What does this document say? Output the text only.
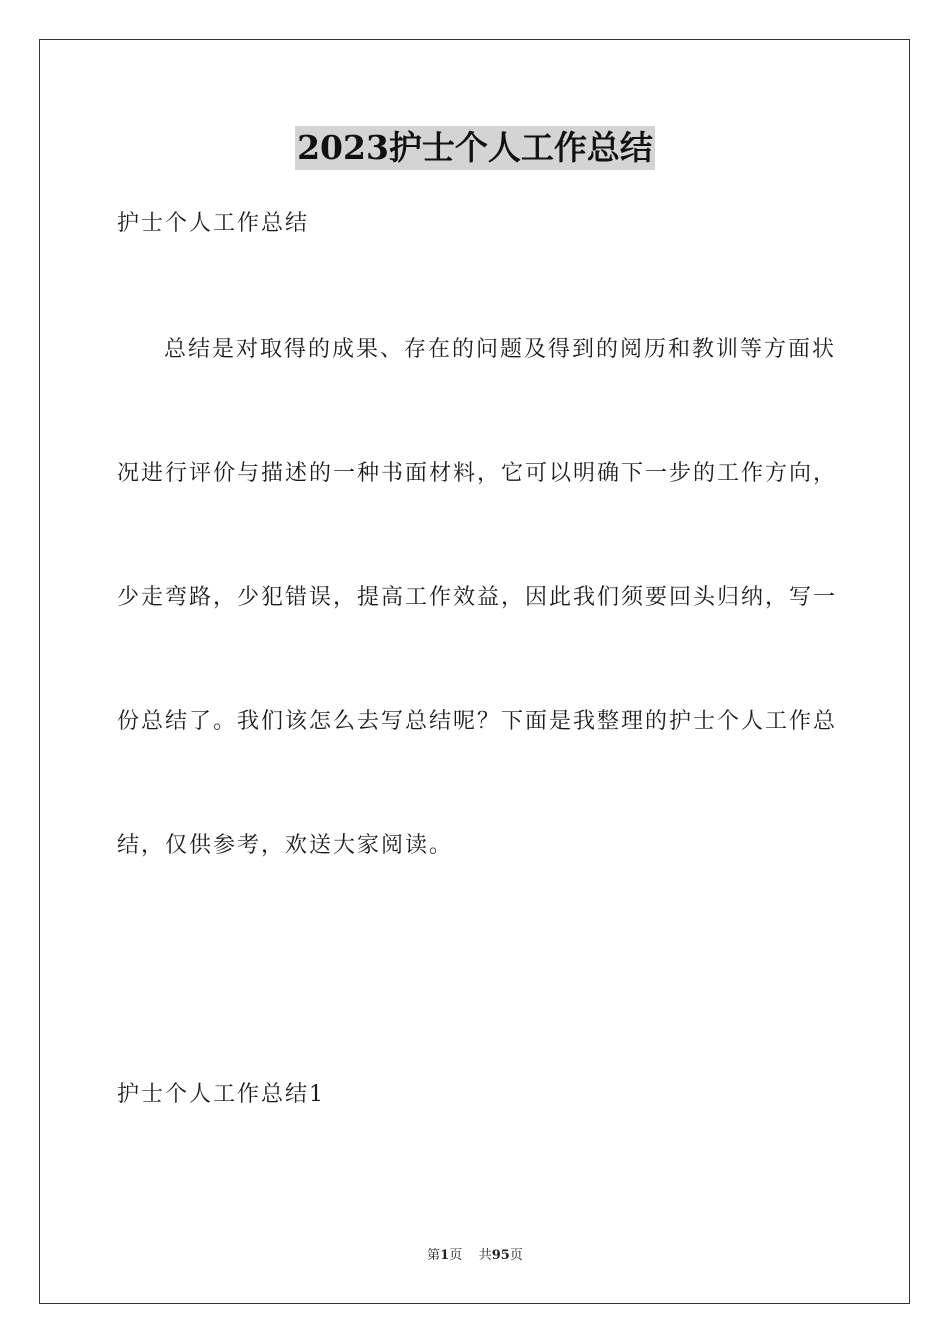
2023护士个人工作总结
护士个人工作总结
总结是对取得的成果、存在的问题及得到的阅历和教训等方面状
况进行评价与描述的一种书面材料，它可以明确下一步的工作方向，
少走弯路，少犯错误，提高工作效益，因此我们须要回头归纳，写一
份总结了。我们该怎么去写总结呢？下面是我整理的护士个人工作总
结，仅供参考，欢送大家阅读。
护士个人工作总结1
第1页 共95页
